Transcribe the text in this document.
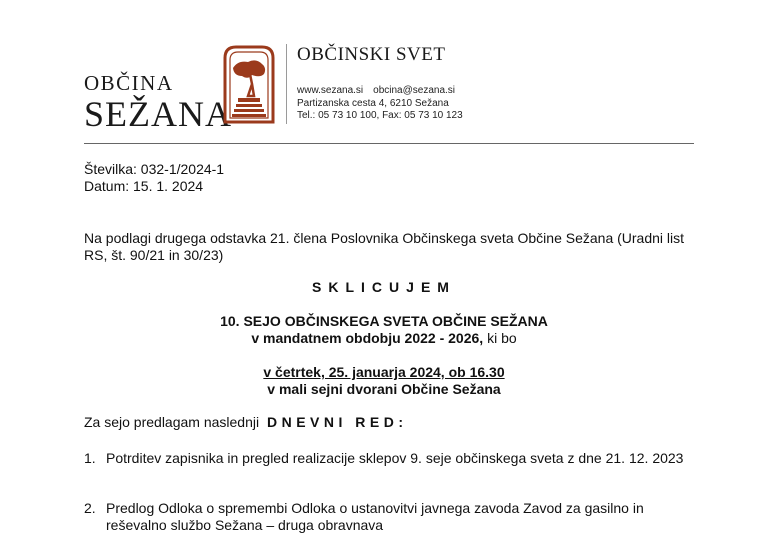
OBČINA
SEŽANA
OBČINSKI SVET
www.sezana.si obcina@sezana.si
Partizanska cesta 4, 6210 Sežana
Tel.: 05 73 10 100, Fax: 05 73 10 123
Številka: 032-1/2024-1
Datum: 15. 1. 2024
Na podlagi drugega odstavka 21. člena Poslovnika Občinskega sveta Občine Sežana (Uradni list RS, št. 90/21 in 30/23)
SKLICUJEM
10. SEJO OBČINSKEGA SVETA OBČINE SEŽANA
v mandatnem obdobju 2022 - 2026, ki bo
v četrtek, 25. januarja 2024, ob 16.30
v mali sejni dvorani Občine Sežana
Za sejo predlagam naslednji DNEVNI RED:
1. Potrditev zapisnika in pregled realizacije sklepov 9. seje občinskega sveta z dne 21. 12. 2023
2. Predlog Odloka o spremembi Odloka o ustanovitvi javnega zavoda Zavod za gasilno in reševalno službo Sežana – druga obravnava
